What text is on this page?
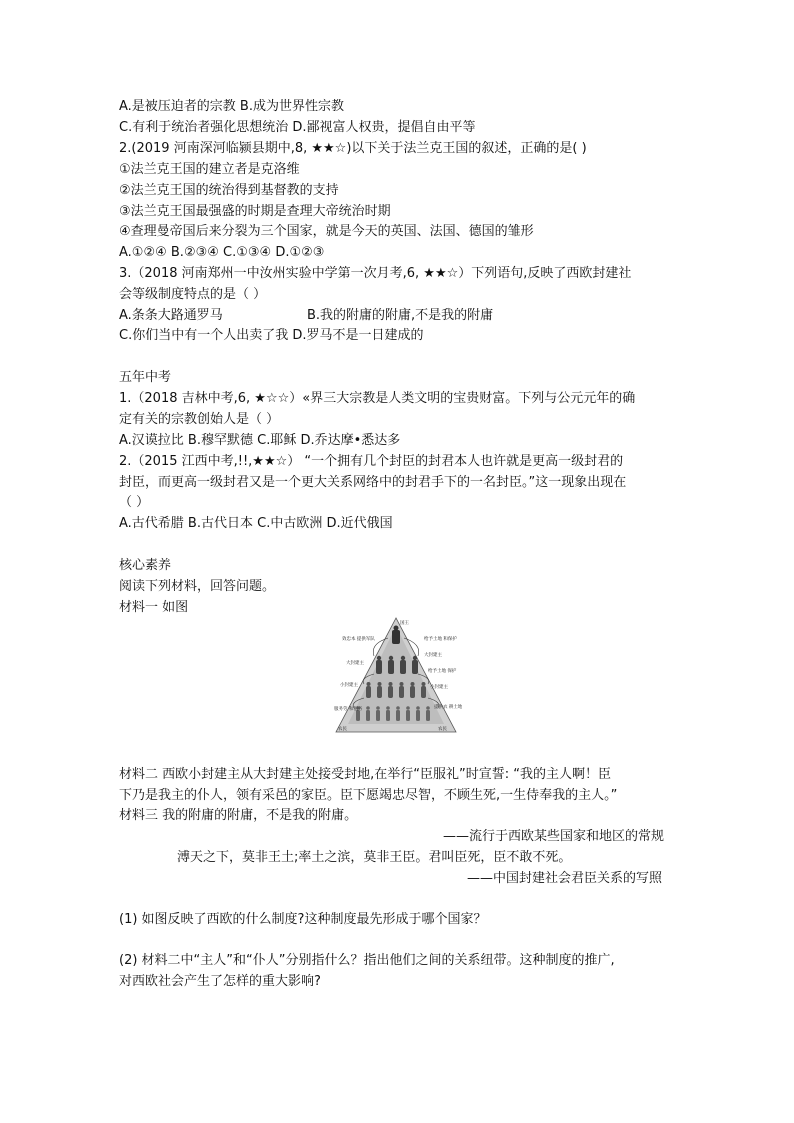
A.是被压迫者的宗教 B.成为世界性宗教
C.有利于统治者强化思想统治 D.鄙视富人权贵，提倡自由平等
2.(2019 河南深河临颍县期中,8, ★★☆)以下关于法兰克王国的叙述，正确的是( )
①法兰克王国的建立者是克洛维
②法兰克王国的统治得到基督教的支持
③法兰克王国最强盛的时期是查理大帝统治时期
④查理曼帝国后来分裂为三个国家，就是今天的英国、法国、德国的雏形
A.①②④ B.②③④ C.①③④ D.①②③
3.（2018 河南郑州一中汝州实验中学第一次月考,6, ★★☆）下列语句,反映了西欧封建社
会等级制度特点的是（ ）
A.条条大路通罗马	B.我的附庸的附庸,不是我的附庸
C.你们当中有一个人出卖了我 D.罗马不是一日建成的
五年中考
1.（2018 吉林中考,6, ★☆☆）«界三大宗教是人类文明的宝贵财富。下列与公元元年的确
定有关的宗教创始人是（ ）
A.汉谟拉比 B.穆罕默德 C.耶稣 D.乔达摩•悉达多
2.（2015 江西中考,!!,★★☆） “一个拥有几个封臣的封君本人也许就是更高一级封君的
封臣，而更高一级封君又是一个更大关系网络中的封君手下的一名封臣。”这一现象出现在
（ ）
A.古代希腊 B.古代日本 C.中古欧洲 D.近代俄国
核心素养
阅读下列材料，回答问题。
材料一 如图
国王
效忠本 提供军队
大封建主
小封建主
服务劳 和租务
农民
给予土地 和保护
大封建主
给予土地 保护
小封建主
提供衣 耕土地
农民
材料二 西欧小封建主从大封建主处接受封地,在举行“臣服礼”时宣誓: “我的主人啊！臣
下乃是我主的仆人，领有采邑的家臣。臣下愿竭忠尽智，不顾生死,一生侍奉我的主人。”
材料三 我的附庸的附庸，不是我的附庸。
——流行于西欧某些国家和地区的常规
溥天之下，莫非王土;率土之滨，莫非王臣。君叫臣死，臣不敢不死。
——中国封建社会君臣关系的写照
(1) 如图反映了西欧的什么制度?这种制度最先形成于哪个国家？
(2) 材料二中“主人”和“仆人”分别指什么？指出他们之间的关系纽带。这种制度的推广,
对西欧社会产生了怎样的重大影响?
